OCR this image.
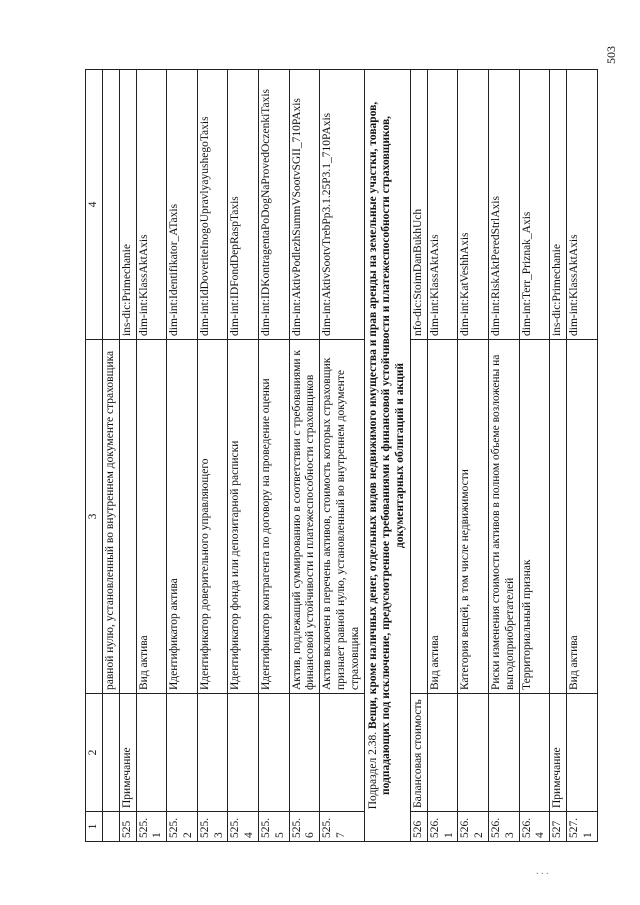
1	2	3	4
		равной нулю, установленный во внутреннем документе страховщика	
525	Примечание		ins-dic:Primechanie
525.1		Вид актива	dim-int:KlassAktAxis
525.2		Идентификатор актива	dim-int:Identifikator_ATaxis
525.3		Идентификатор доверительного управляющего	dim-int:IdDoveriteInogoUpravlyayushegoTaxis
525.4		Идентификатор фонда или депозитарной расписки	dim-int:IDFondDepRaspTaxis
525.5		Идентификатор контрагента по договору на проведение оценки	dim-int:IDKontragentaPoDogNaProvedOczenkiTaxis
525.6		Актив, подлежащий суммированию в соответствии с требованиями к финансовой устойчивости и платежеспособности страховщиков	dim-int:AktivPodlezhSummVSootvSGII_710PAxis
525.7		Актив включен в перечень активов, стоимость которых страховщик признает равной нулю, установленный во внутреннем документе страховщика	dim-int:AktivSootvTrebPp3.1.25P3.1_710PAxis
Подраздел 2.38. Вещи, кроме наличных денег, отдельных видов недвижимого имущества и прав аренды на земельные участки, товаров, подпадающих под исключение, предусмотренное требованиями к финансовой устойчивости и платежеспособности страховщиков, документарных облигаций и акций			
526	Балансовая стоимость		nfo-dic:StoimDanBukhUch
526.1		Вид актива	dim-int:KlassAktAxis
526.2		Категория вещей, в том числе недвижимости	dim-int:KatVeshhAxis
526.3		Риски изменения стоимости активов в полном объеме возложены на выгодоприобретателей	dim-int:RiskAktPeredStrlAxis
526.4		Территориальный признак	dim-int:Terr_Priznak_Axis
527	Примечание		ins-dic:Primechanie
527.1		Вид актива	dim-int:KlassAktAxis
503
. . .
